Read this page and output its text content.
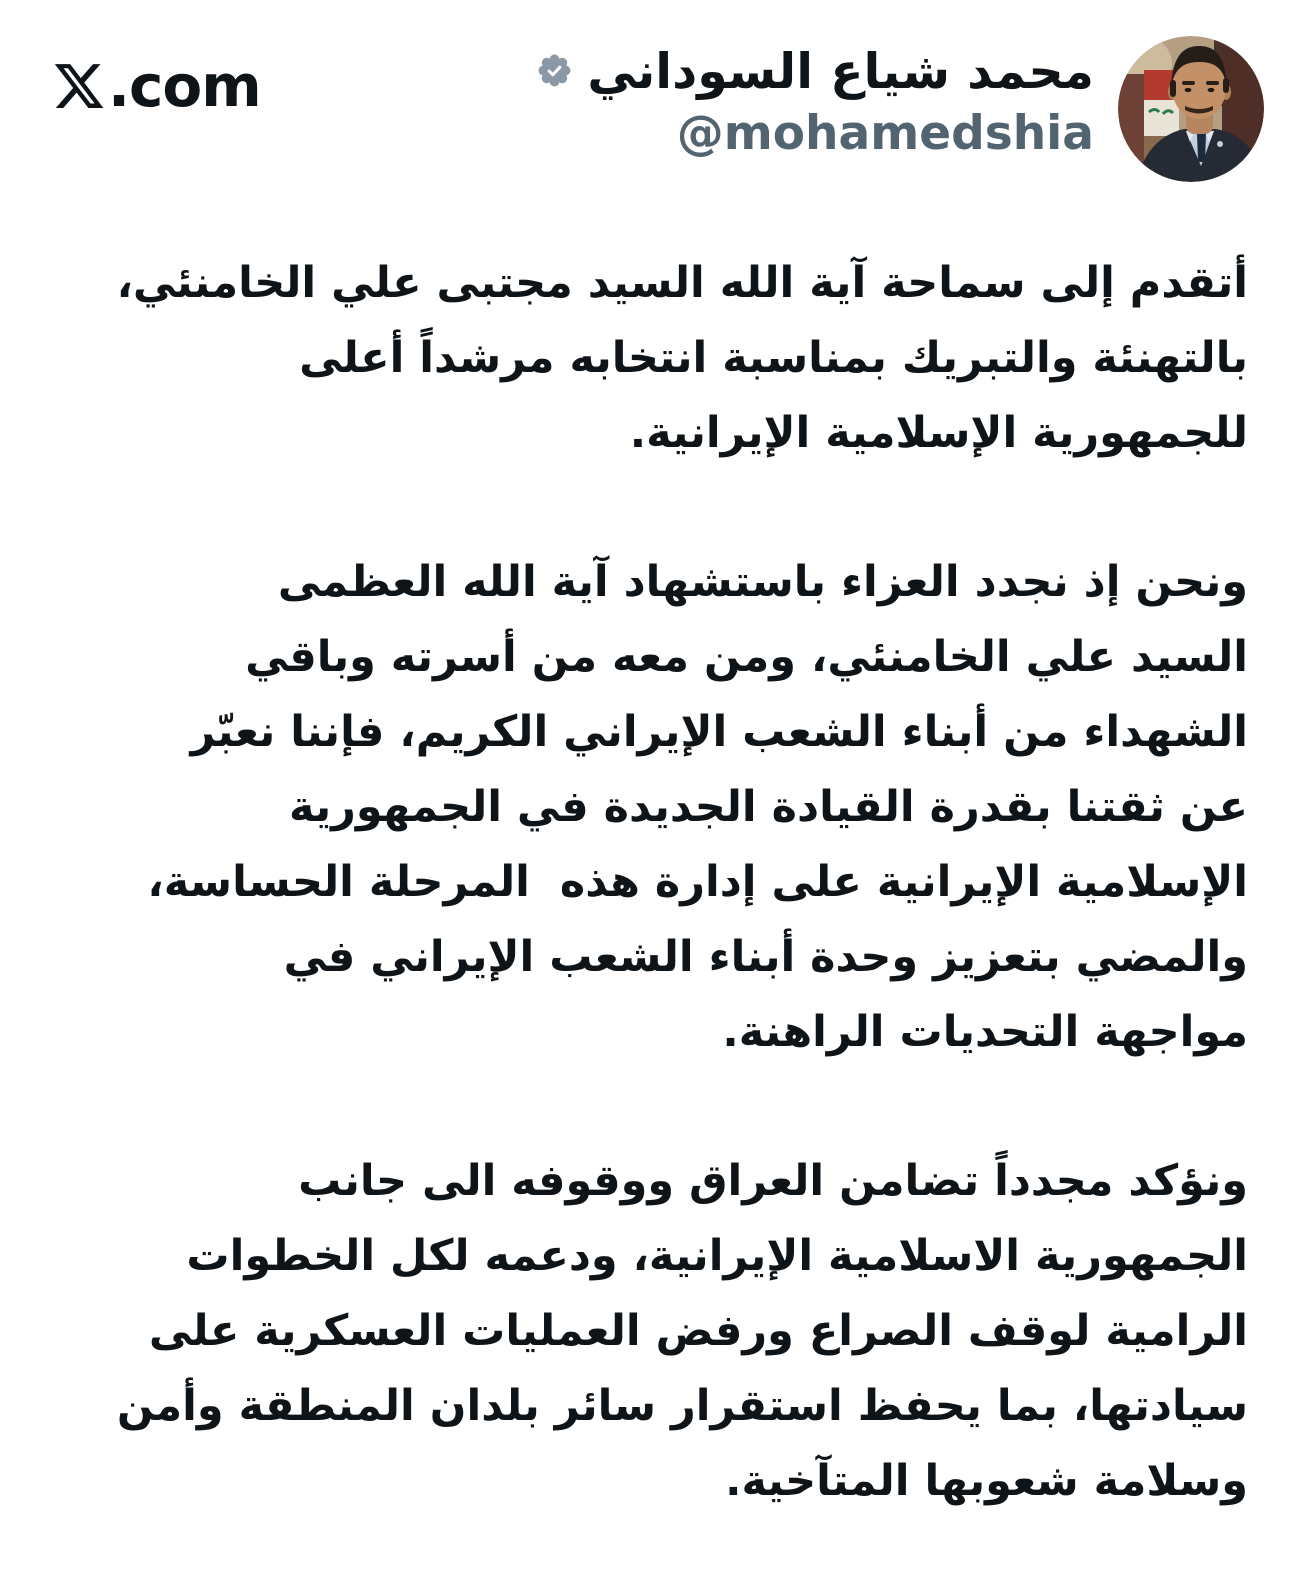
.com	محمد شياع السوداني
@mohamedshia
أتقدم إلى سماحة آية الله السيد مجتبى علي الخامنئي،
بالتهنئة والتبريك بمناسبة انتخابه مرشداً أعلى
للجمهورية الإسلامية الإيرانية.
ونحن إذ نجدد العزاء باستشهاد آية الله العظمى
السيد علي الخامنئي، ومن معه من أسرته وباقي
الشهداء من أبناء الشعب الإيراني الكريم، فإننا نعبّر
عن ثقتنا بقدرة القيادة الجديدة في الجمهورية
الإسلامية الإيرانية على إدارة هذه  المرحلة الحساسة،
والمضي بتعزيز وحدة أبناء الشعب الإيراني في
مواجهة التحديات الراهنة.
ونؤكد مجدداً تضامن العراق ووقوفه الى جانب
الجمهورية الاسلامية الإيرانية، ودعمه لكل الخطوات
الرامية لوقف الصراع ورفض العمليات العسكرية على
سيادتها، بما يحفظ استقرار سائر بلدان المنطقة وأمن
وسلامة شعوبها المتآخية.
